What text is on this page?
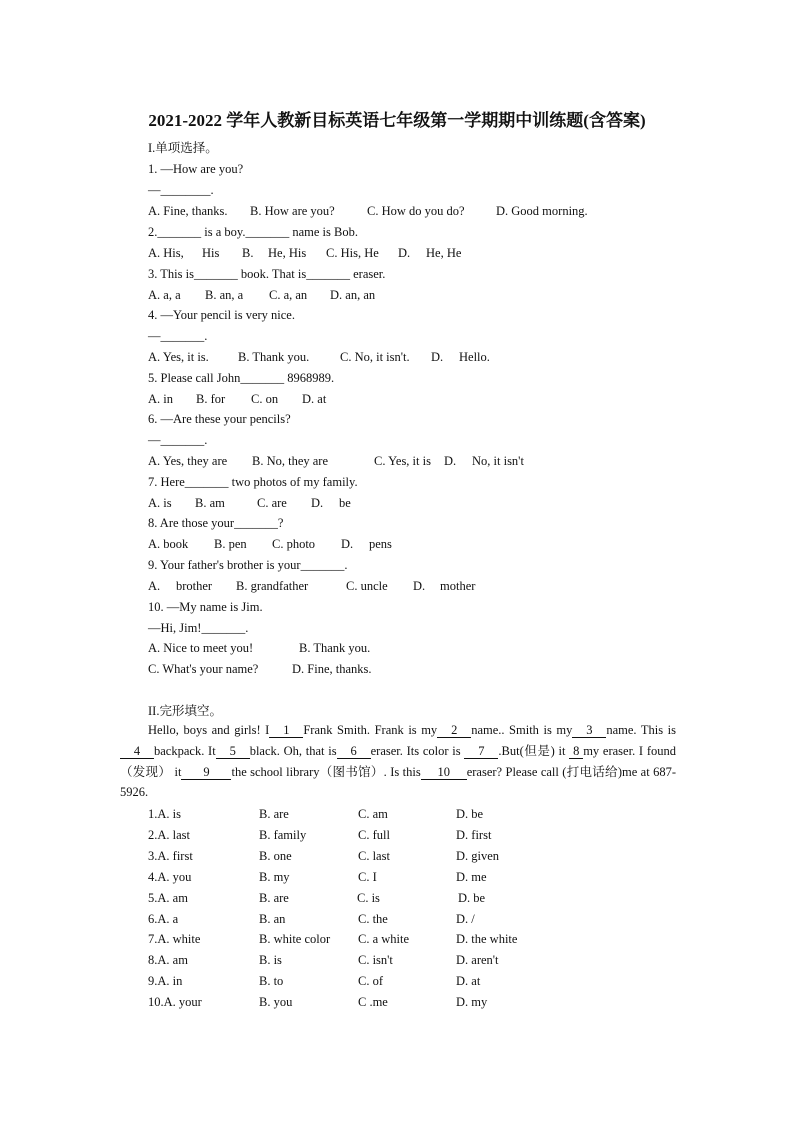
2021-2022 学年人教新目标英语七年级第一学期期中训练题(含答案)
I.单项选择。
1. —How are you?
—________.
A. Fine, thanks. B. How are you?	C. How do you do?	D. Good morning.
2._______ is a boy._______ name is Bob.
A. His, His B. He, His C. His, He D. He, He
3. This is_______ book. That is_______ eraser.
A. a, a B. an, a C. a, an D. an, an
4. —Your pencil is very nice.
—_______.
A. Yes, it is. B. Thank you. C. No, it isn't. D. Hello.
5. Please call John_______ 8968989.
A. in B. for C. on D. at
6. —Are these your pencils?
—_______.
A. Yes, they are B. No, they are	C. Yes, it is D. No, it isn't
7. Here_______ two photos of my family.
A. is B. am	C. are D. be
8. Are those your_______?
A. book B. pen C. photo D. pens
9. Your father's brother is your_______.
A. brother B. grandfather	C. uncle D. mother
10. —My name is Jim.
—Hi, Jim!_______.
A. Nice to meet you!	B. Thank you.
C. What's your name?	D. Fine, thanks.
II.完形填空。
Hello, boys and girls! I 1 Frank Smith. Frank is my 2 name.. Smith is my 3 name. This is 4 backpack. It 5 black. Oh, that is 6 eraser. Its color is 7 .But(但是) it 8 my eraser. I found（发现） it 9 the school library（图书馆）. Is this 10 eraser? Please call (打电话给)me at 687-5926.
1.A. is	B. are	C. am	D. be
2.A. last	B. family	C. full	D. first
3.A. first	B. one	C. last	D. given
4.A. you	B. my	C. I	D. me
5.A. am	B. are	C. is	D. be
6.A. a	B. an	C. the	D. /
7.A. white	B. white color C. a white	D. the white
8.A. am	B. is	C. isn't	D. aren't
9.A. in	B. to	C. of	D. at
10.A. your	B. you	C .me	D. my
